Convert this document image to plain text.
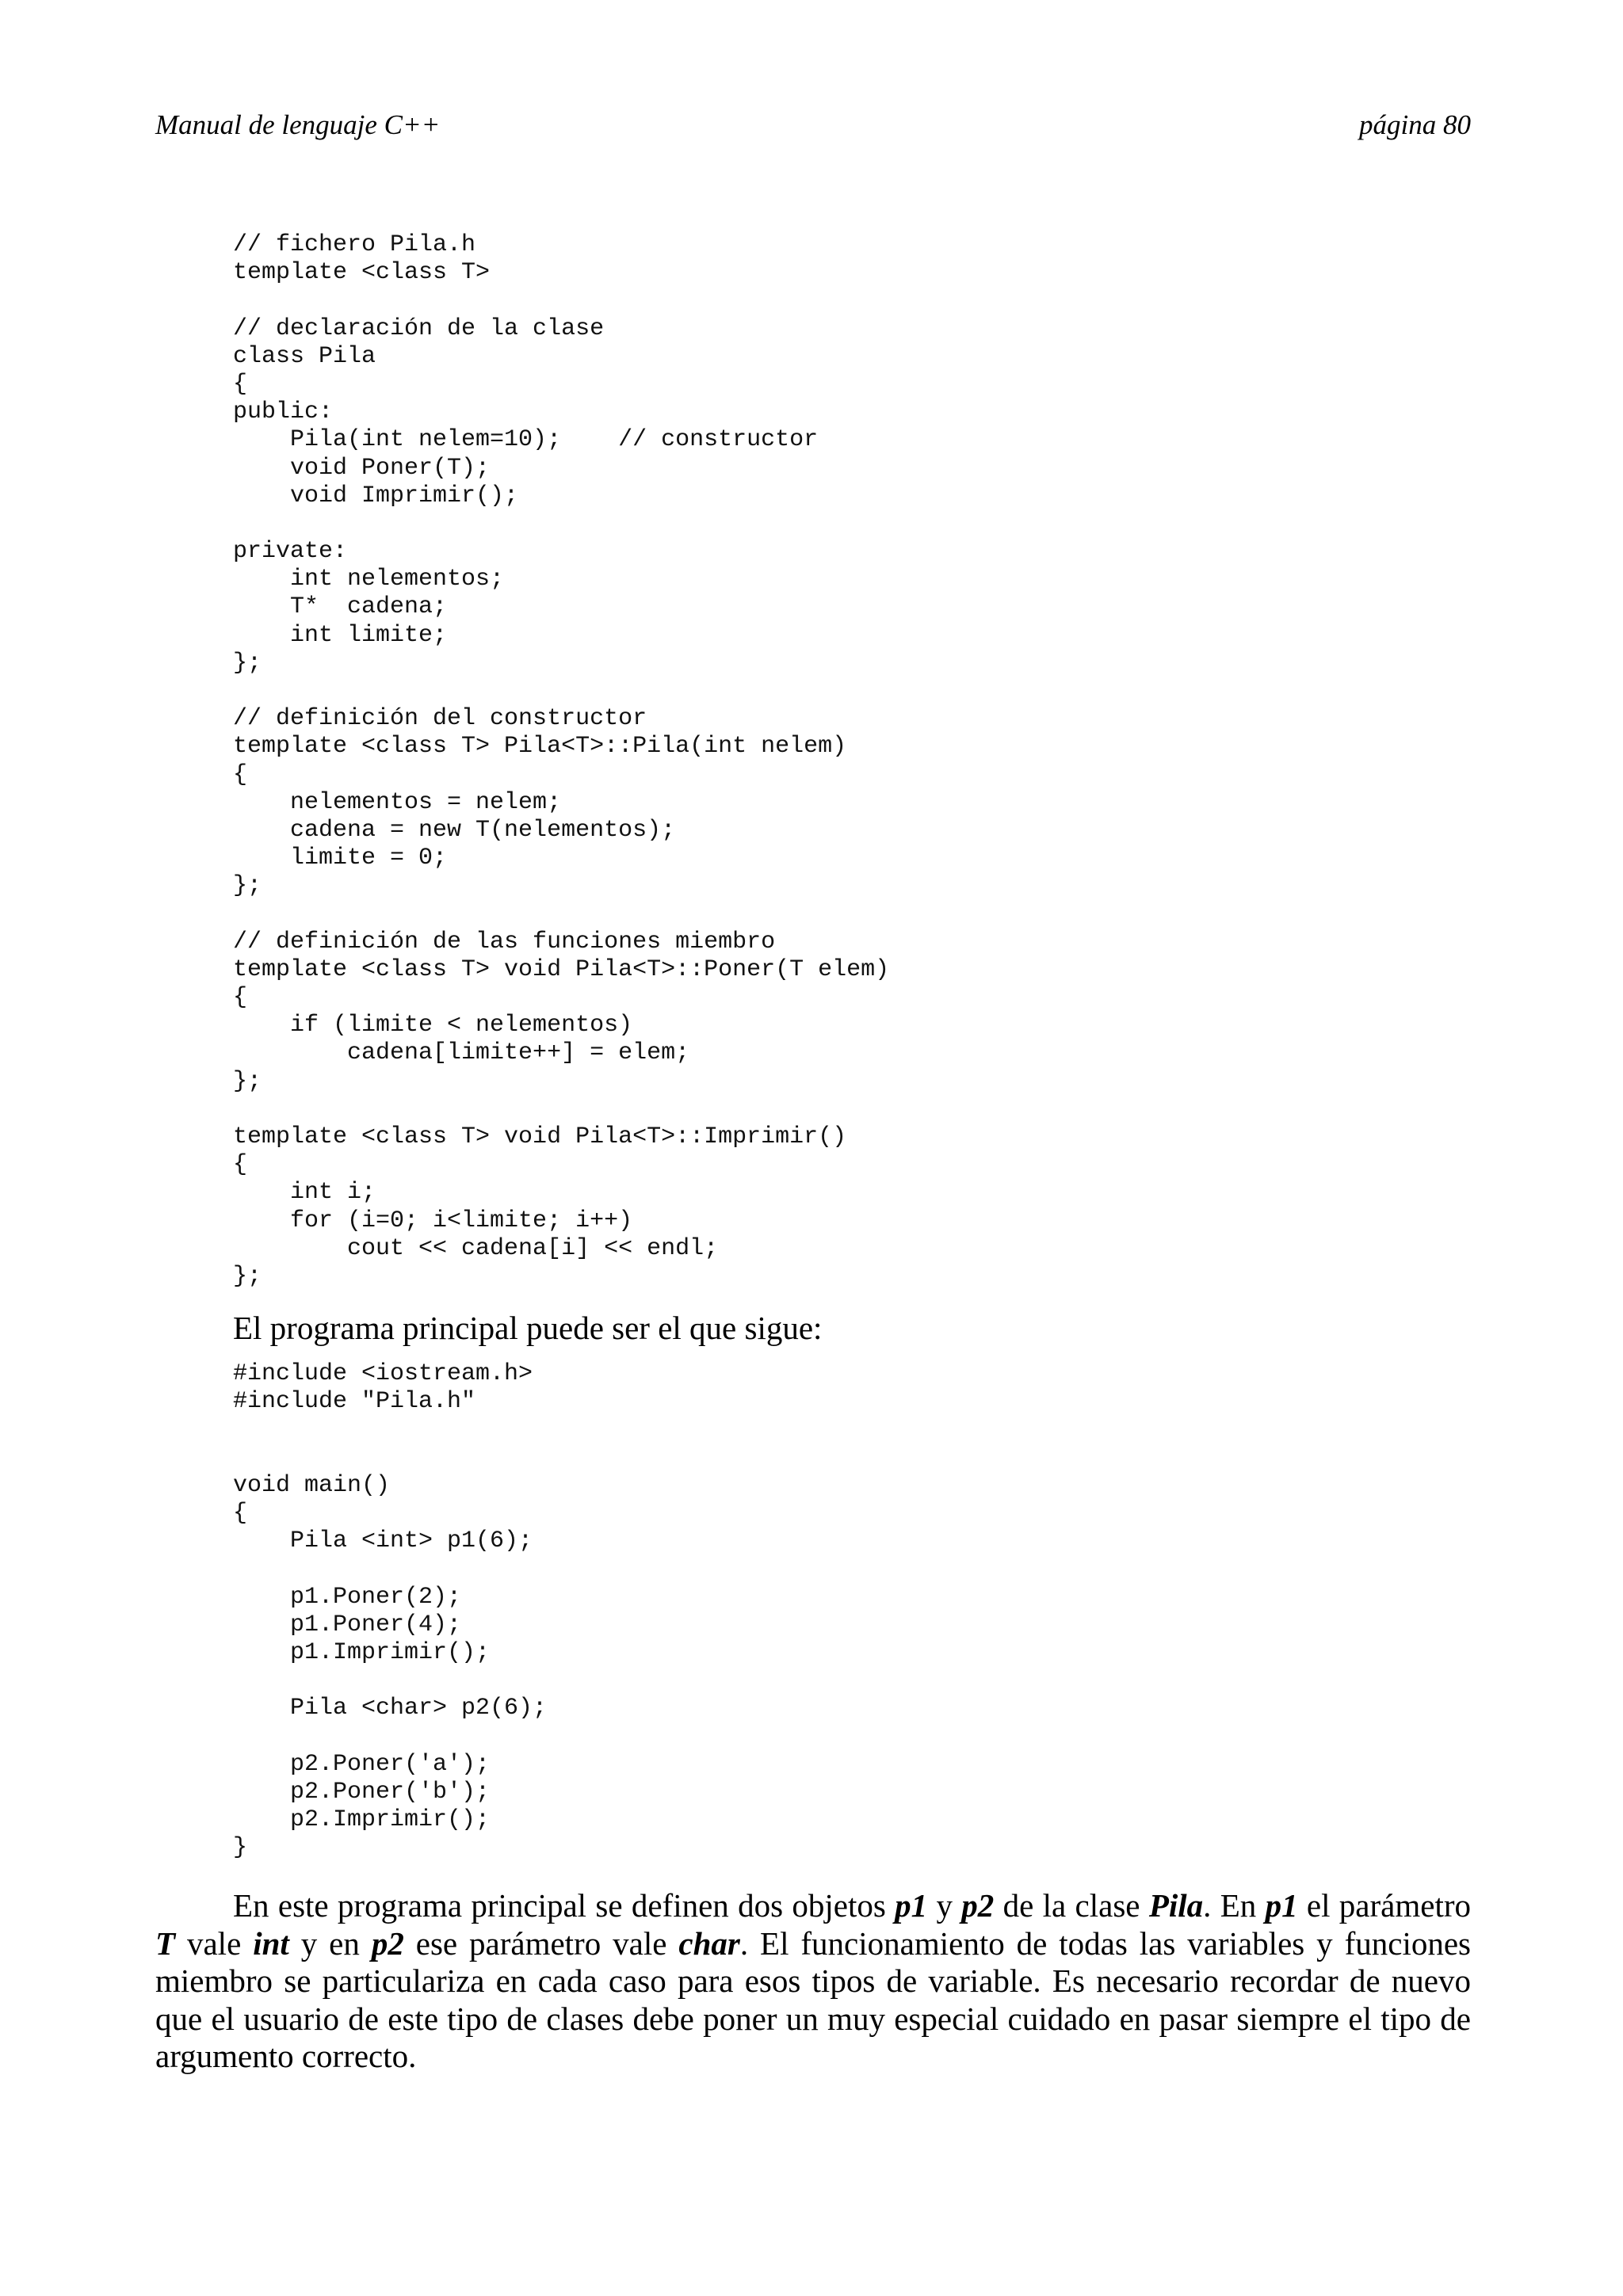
Manual de lenguaje C++	página 80
// fichero Pila.h
template <class T>
// declaración de la clase
class Pila
{
public:
Pila(int nelem=10);    // constructor
void Poner(T);
void Imprimir();
private:
int nelementos;
T*  cadena;
int limite;
};
// definición del constructor
template <class T> Pila<T>::Pila(int nelem)
{
nelementos = nelem;
cadena = new T(nelementos);
limite = 0;
};
// definición de las funciones miembro
template <class T> void Pila<T>::Poner(T elem)
{
if (limite < nelementos)
cadena[limite++] = elem;
};
template <class T> void Pila<T>::Imprimir()
{
int i;
for (i=0; i<limite; i++)
cout << cadena[i] << endl;
};

El programa principal puede ser el que sigue:

#include <iostream.h>
#include "Pila.h"
void main()
{
Pila <int> p1(6);
p1.Poner(2);
p1.Poner(4);
p1.Imprimir();
Pila <char> p2(6);
p2.Poner('a');
p2.Poner('b');
p2.Imprimir();
}

En este programa principal se definen dos objetos p1 y p2 de la clase Pila. En p1 el parámetro T vale int y en p2 ese parámetro vale char. El funcionamiento de todas las variables y funciones miembro se particulariza en cada caso para esos tipos de variable. Es necesario recordar de nuevo que el usuario de este tipo de clases debe poner un muy especial cuidado en pasar siempre el tipo de argumento correcto.
